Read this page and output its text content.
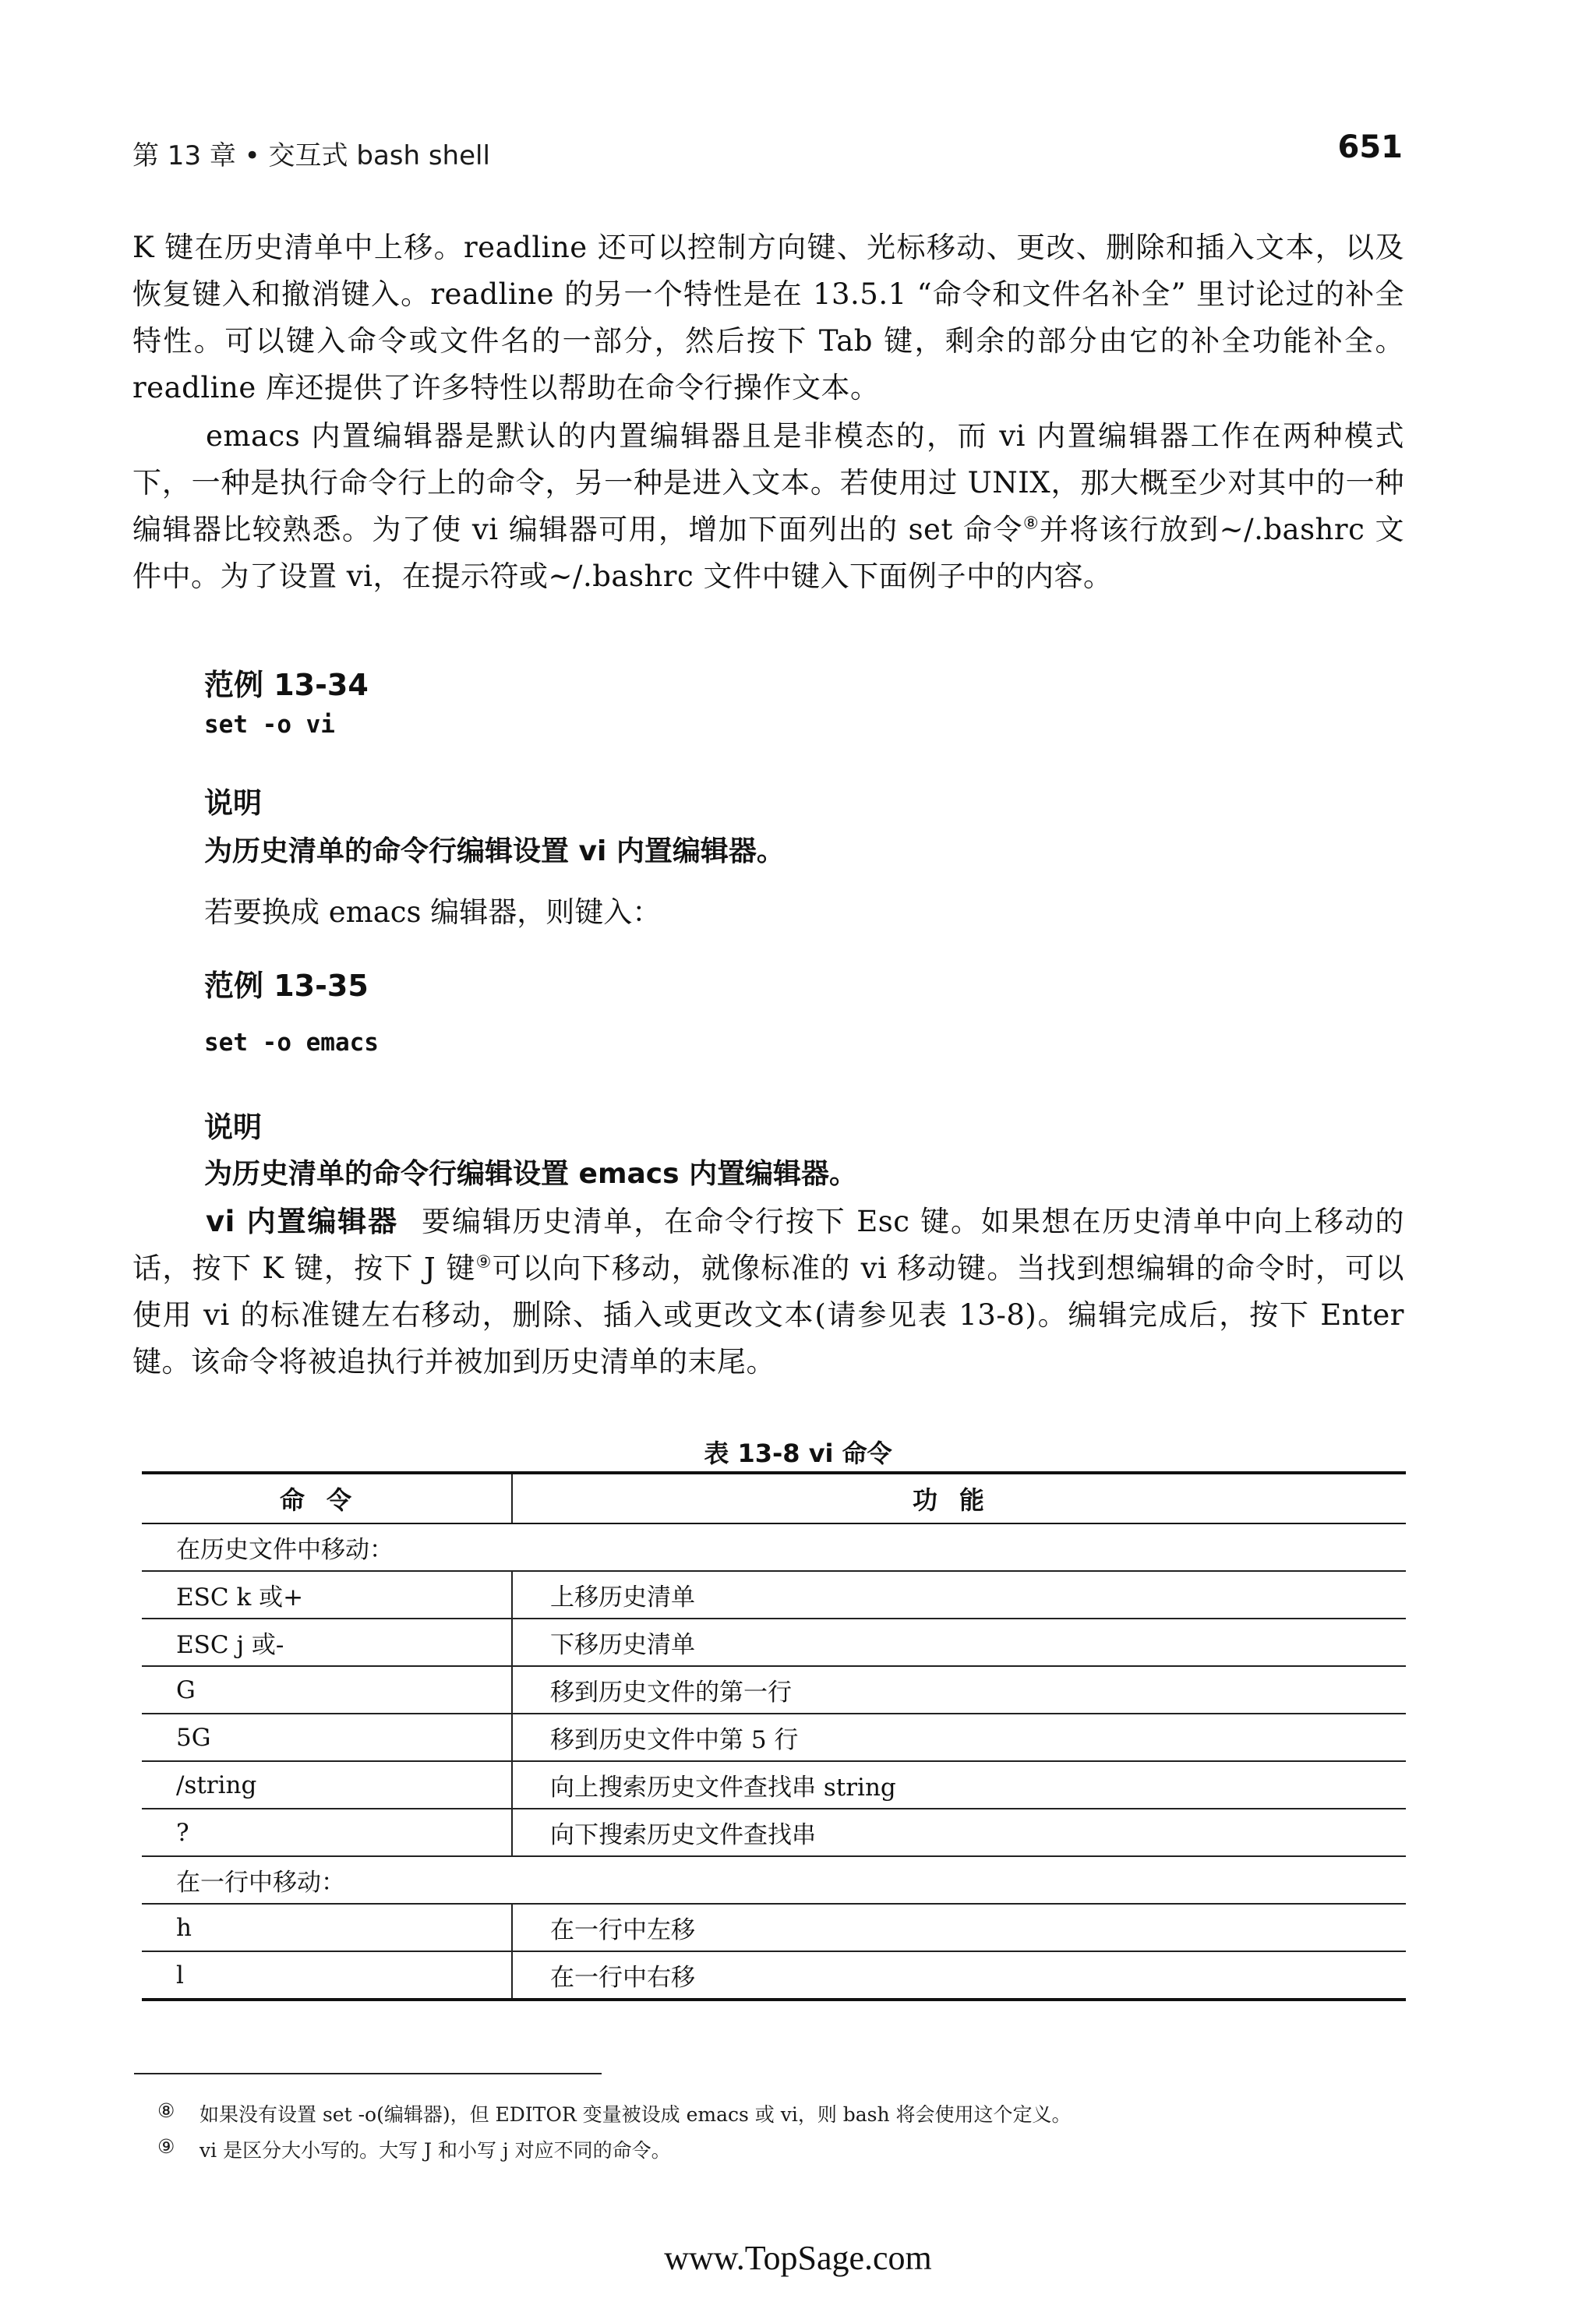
第 13 章 • 交互式 bash shell	651
K 键在历史清单中上移。readline 还可以控制方向键、光标移动、更改、删除和插入文本，以及恢复键入和撤消键入。readline 的另一个特性是在 13.5.1 “命令和文件名补全” 里讨论过的补全特性。可以键入命令或文件名的一部分，然后按下 Tab 键，剩余的部分由它的补全功能补全。readline 库还提供了许多特性以帮助在命令行操作文本。
emacs 内置编辑器是默认的内置编辑器且是非模态的，而 vi 内置编辑器工作在两种模式下，一种是执行命令行上的命令，另一种是进入文本。若使用过 UNIX，那大概至少对其中的一种编辑器比较熟悉。为了使 vi 编辑器可用，增加下面列出的 set 命令⑧并将该行放到~/.bashrc 文件中。为了设置 vi，在提示符或~/.bashrc 文件中键入下面例子中的内容。
范例 13-34
set -o vi
说明
为历史清单的命令行编辑设置 vi 内置编辑器。
若要换成 emacs 编辑器，则键入：
范例 13-35
set -o emacs
说明
为历史清单的命令行编辑设置 emacs 内置编辑器。
vi 内置编辑器 要编辑历史清单，在命令行按下 Esc 键。如果想在历史清单中向上移动的话，按下 K 键，按下 J 键⑨可以向下移动，就像标准的 vi 移动键。当找到想编辑的命令时，可以使用 vi 的标准键左右移动，删除、插入或更改文本(请参见表 13-8)。编辑完成后，按下 Enter 键。该命令将被追执行并被加到历史清单的末尾。
表 13-8 vi 命令
命令	功能
在历史文件中移动：	
ESC k 或+	上移历史清单
ESC j 或-	下移历史清单
G	移到历史文件的第一行
5G	移到历史文件中第 5 行
/string	向上搜索历史文件查找串 string
?	向下搜索历史文件查找串
在一行中移动：	
h	在一行中左移
l	在一行中右移
⑧ 如果没有设置 set -o(编辑器)，但 EDITOR 变量被设成 emacs 或 vi，则 bash 将会使用这个定义。
⑨ vi 是区分大小写的。大写 J 和小写 j 对应不同的命令。
www.TopSage.com
